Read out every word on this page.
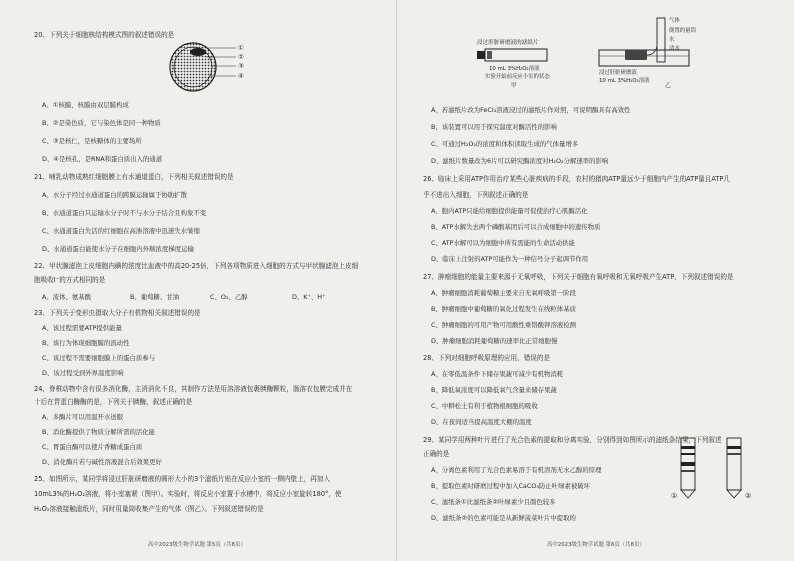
20、下列关于细胞核结构模式图的叙述错误的是
①
②
③
④
A、①核膜，核膜由双层膜构成
B、②是染色质，它与染色体是同一种物质
C、③是核仁，是核糖体的主要场所
D、④是核孔，是RNA和蛋白质出入的通道
21、哺乳动物成熟红细胞膜上有水通道蛋白，下列相关叙述错误的是
A、水分子经过水通道蛋白的跨膜运输属于协助扩散
B、水通道蛋白只运输水分子时不与水分子结合且构象不变
C、水通道蛋白失活的红细胞在高渗溶液中迅速失水皱缩
D、水通道蛋白能使水分子在细胞内外顺浓度梯度运输
22、甲状腺滤泡上皮细胞内碘的浓度比血液中的高20-25倍，下列各项物质进入细胞的方式与甲状腺滤泡上皮细
胞吸收I⁻的方式相同的是
A、流体、氨基酸	B、葡萄糖、甘油	C、O₂、乙醇	D、K⁺、H⁺
23、下列关于变形虫摄取大分子有机物相关叙述错误的是
A、该过程需要ATP提供能量
B、该行为体现细胞膜的流动性
C、该过程不需要细胞膜上的蛋白质参与
D、该过程受到外界温度影响
24、脊椎动物中含有很多消化酶，主消消化不良，其制作方法是用溶溶液包裹胰酶颗粒，肠溶衣包膜完成并在
十后在胃蛋白酶酶的是，下列关于胰酶，叙述正确的是
A、多酶片可以用温开水送服
B、消化酶提供了物质分解所需的活化能
C、胃蛋白酶可以使片香糖成蛋白质
D、消化酶片若与碱性溶液混合后效果更好
25、如图所示，某同学将浸过肝脏研磨液的圆形大小的3个滤纸片贴在反应小室的一侧内壁上，再加入
10mL3%的H₂O₂溶液，将小室塞紧（图甲）。实验时，将反应小室置于水槽中，将反应小室旋转180°，使
H₂O₂溶液接触滤纸片，同时用量筒收集产生的气体（图乙）。下列叙述错误的是
高中2023级生物学试题 第5页（共8页）
浸过肝脏研磨液的滤纸片
10 mL 3%H₂O₂溶液
实验开始前反应小室的状态
甲
气体
倒置的量筒
水
清水
浸过肝脏研磨液
10 mL 3%H₂O₂溶液
乙
A、若滤纸片改为FeCl₃溶液浸过的滤纸片作对照，可说明酶具有高效性
B、该装置可以用于探究温度对酶活性的影响
C、可通过H₂O₂的浓度和体积读取生成的气体量增多
D、滤纸片数量改为6片可以研究酶浓度对H₂O₂分解速率的影响
26、临床上采用ATP作用治疗某些心脏疾病的手段，农村的猪肉ATP量远少于细胞内产生的ATP量且ATP几
乎不进出入细胞，下列叙述正确的是
A、胞内ATP只能给细胞提供能量可促使治疗心肌酶活化
B、ATP水解失去两个磷酸基团后可以合成细胞中的遗传物质
C、ATP水解可以为细胞中所有需能的生命活动供能
D、临床上注射的ATP可能作为一种信号分子起调节作用
27、肿瘤细胞的能量主要来源于无氧呼吸，下列关于细胞有氧呼吸和无氧呼吸产生ATP，下列叙述错误的是
A、肿瘤细胞消耗葡萄糖主要来自无氧呼吸第一阶段
B、肿瘤细胞中葡萄糖的氧化过程发生在线粒体基质
C、肿瘤细胞的可用产物可用酸性重铬酸钾溶液检测
D、肿瘤细胞消耗葡萄糖的速率比正常细胞慢
28、下列对细胞呼吸原理的应用，错误的是
A、在零低温条件下储存果蔬可减少有机物消耗
B、降低氧浓度可以降低氧气含量来储存果蔬
C、中耕松土有利于植物根细胞的吸收
D、在夜间适当提高温度大棚的温度
29、某同学用两种叶片进行了光合色素的提取和分离实验，分别得到如图所示的滤纸条结果，下列叙述
正确的是
A、分离色素利用了光合色素易溶于有机溶剂无水乙醇的原理
B、提取色素时研磨过程中加入CaCO₃防止叶绿素被破坏
C、滤纸条①比滤纸条②叶绿素少且颜色较多
D、滤纸条②的色素可能是从新鲜菠菜叶片中提取的
①	②
高中2023级生物学试题 第6页（共8页）
